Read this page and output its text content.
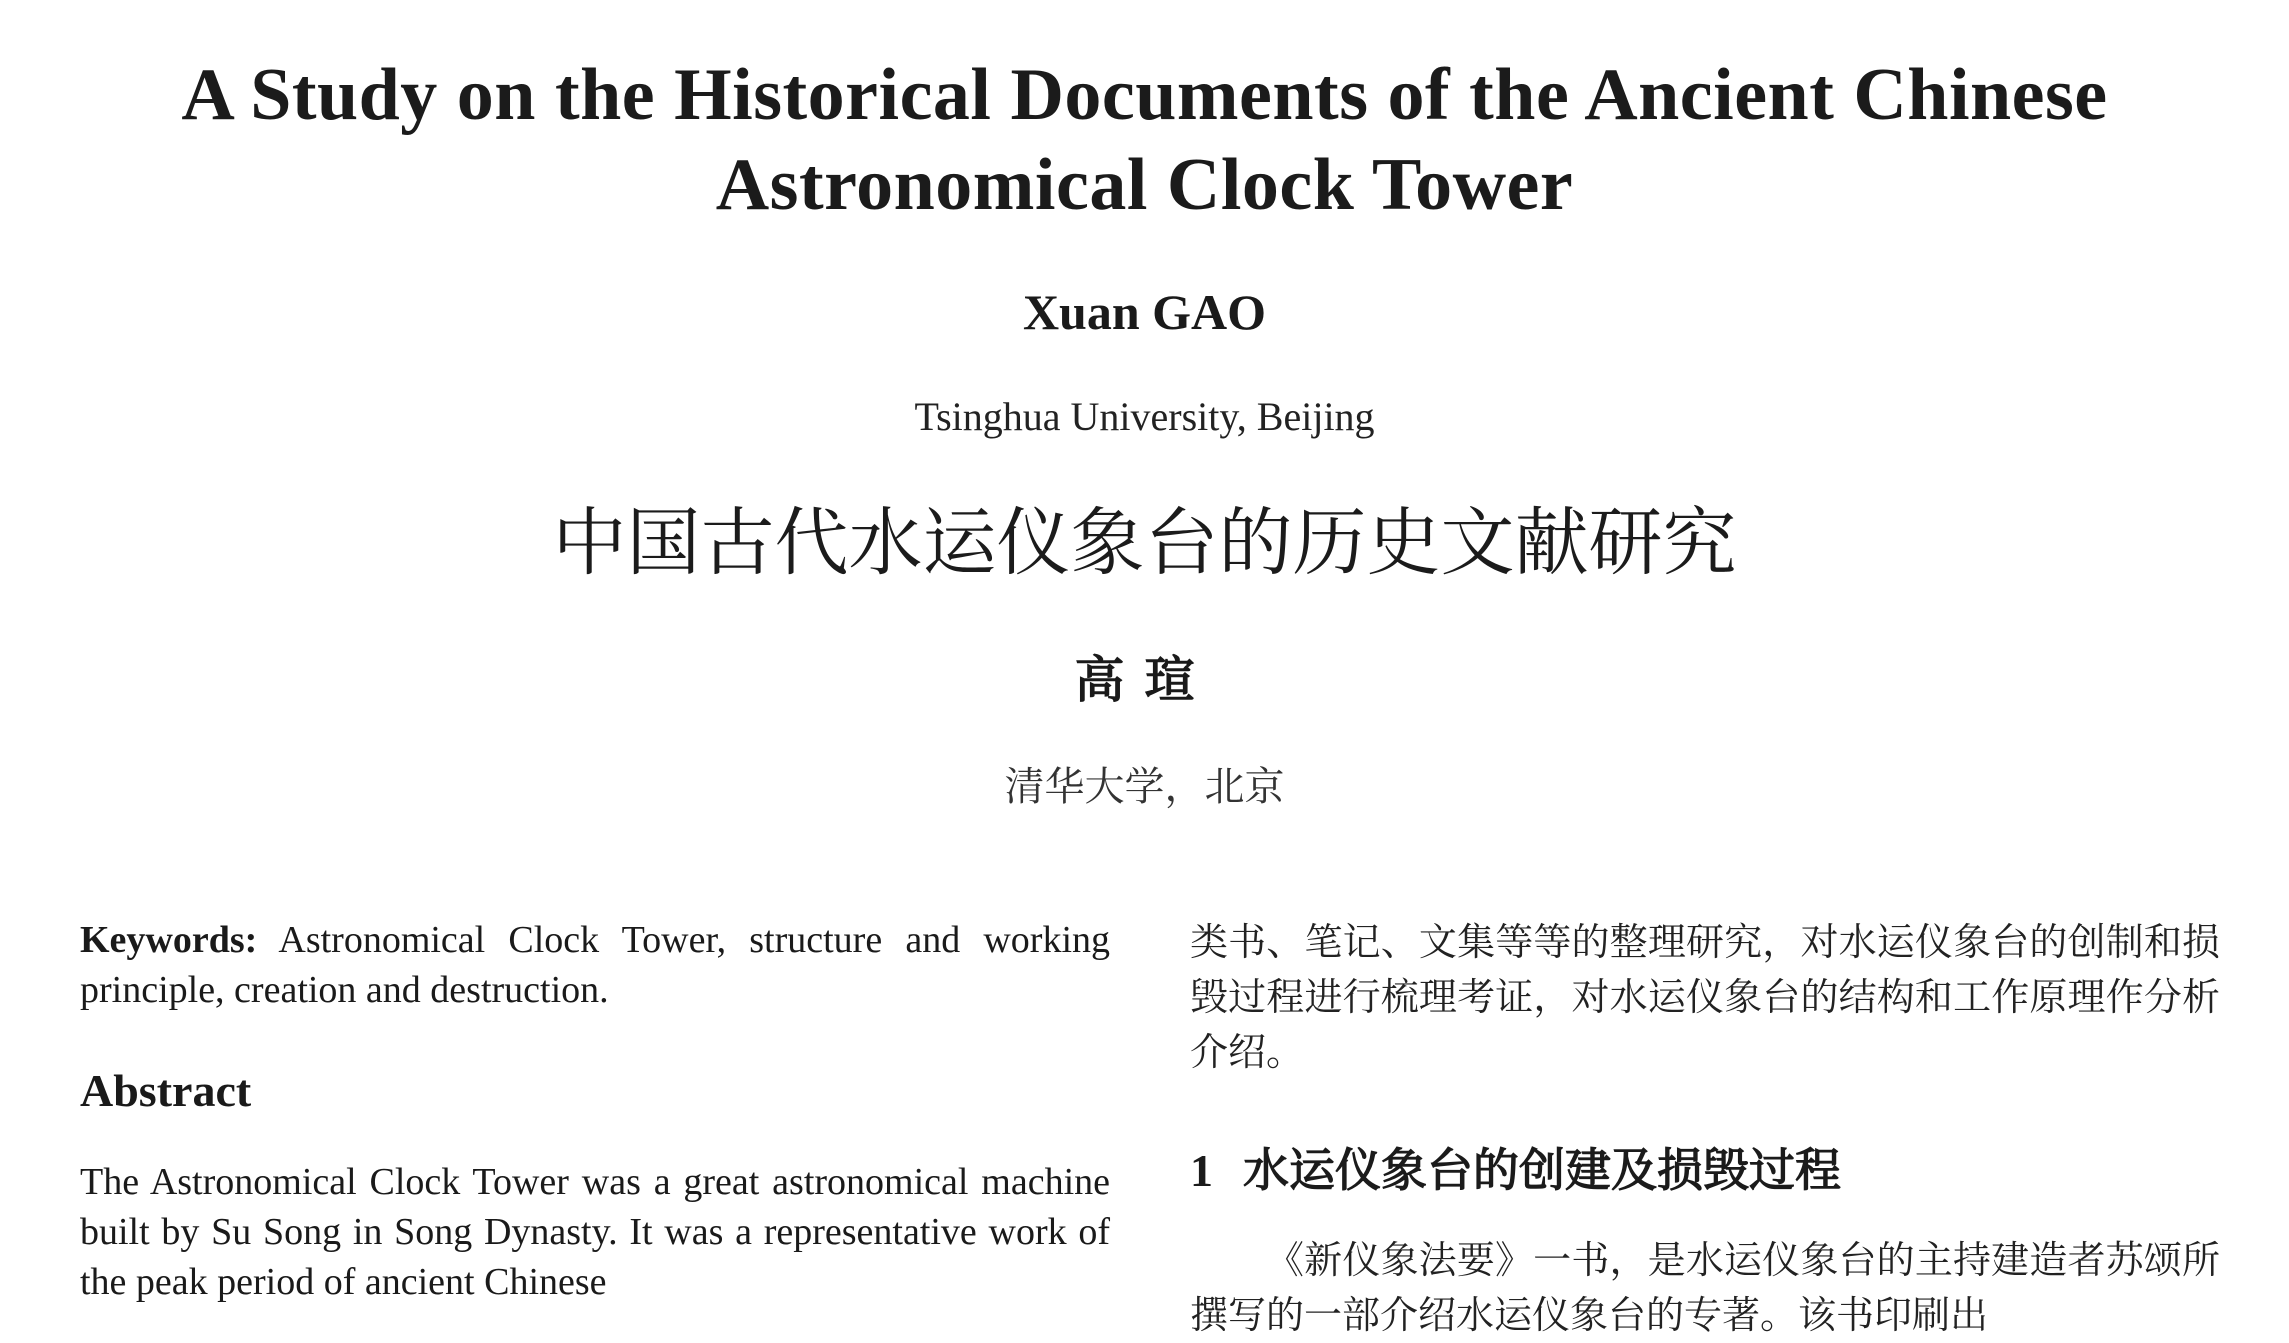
A Study on the Historical Documents of the Ancient Chinese
Astronomical Clock Tower
Xuan GAO
Tsinghua University, Beijing
中国古代水运仪象台的历史文献研究
高瑄
清华大学，北京

Keywords: Astronomical Clock Tower, structure and working principle, creation and destruction.

Abstract

The Astronomical Clock Tower was a great astronomical machine built by Su Song in Song Dynasty. It was a representative work of the peak period of ancient Chinese

类书、笔记、文集等等的整理研究，对水运仪象台的创制和损毁过程进行梳理考证，对水运仪象台的结构和工作原理作分析介绍。

1 水运仪象台的创建及损毁过程

《新仪象法要》一书，是水运仪象台的主持建造者苏颂所撰写的一部介绍水运仪象台的专著。该书印刷出
